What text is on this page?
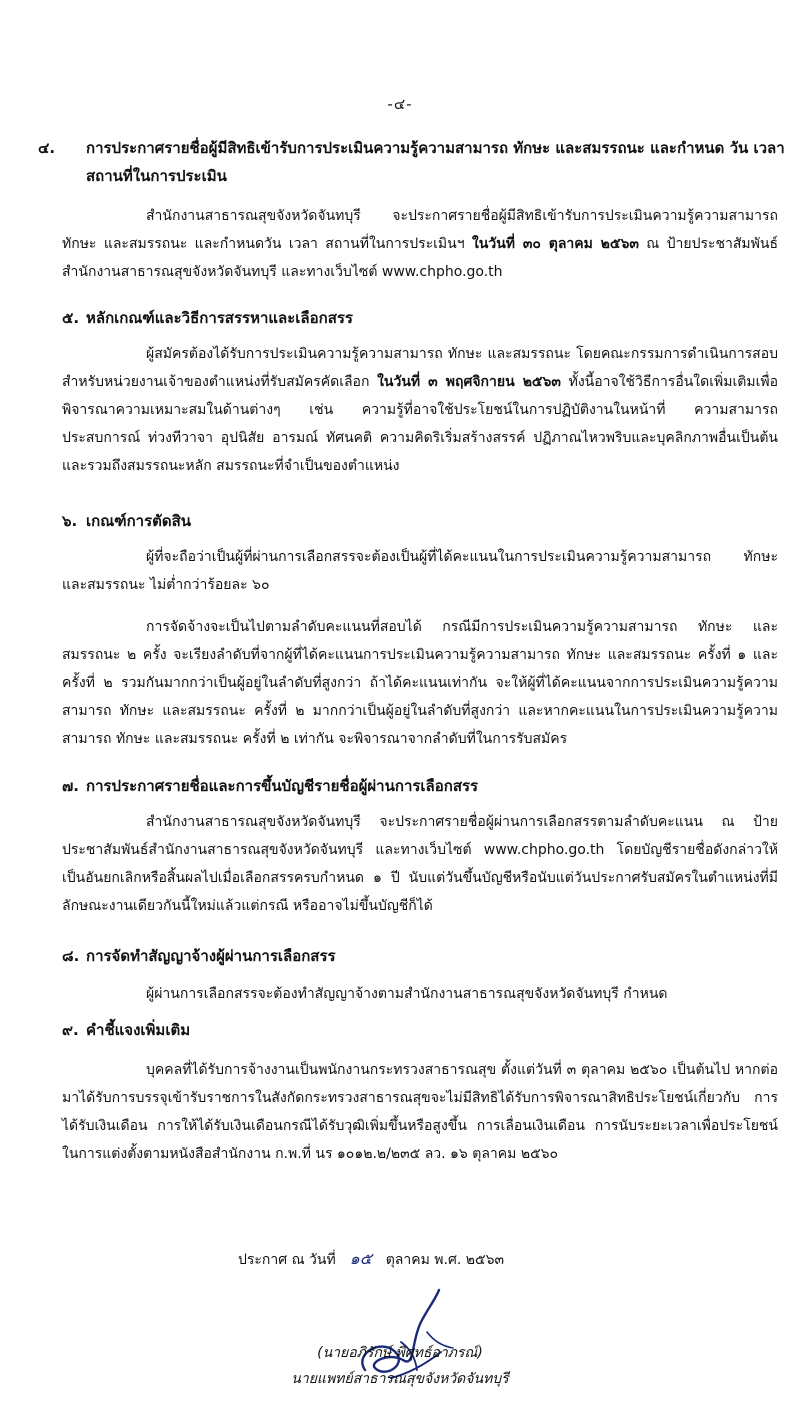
-๔-
๔. การประกาศรายชื่อผู้มีสิทธิเข้ารับการประเมินความรู้ความสามารถ ทักษะ และสมรรถนะ และกำหนด วัน เวลา สถานที่ในการประเมิน
สำนักงานสาธารณสุขจังหวัดจันทบุรี จะประกาศรายชื่อผู้มีสิทธิเข้ารับการประเมินความรู้ความสามารถ ทักษะ และสมรรถนะ และกำหนดวัน เวลา สถานที่ในการประเมินฯ ในวันที่ ๓๐ ตุลาคม ๒๕๖๓ ณ ป้ายประชาสัมพันธ์สำนักงานสาธารณสุขจังหวัดจันทบุรี และทางเว็บไซต์ www.chpho.go.th
๕. หลักเกณฑ์และวิธีการสรรหาและเลือกสรร
ผู้สมัครต้องได้รับการประเมินความรู้ความสามารถ ทักษะ และสมรรถนะ โดยคณะกรรมการดำเนินการสอบสำหรับหน่วยงานเจ้าของตำแหน่งที่รับสมัครคัดเลือก ในวันที่ ๓ พฤศจิกายน ๒๕๖๓ ทั้งนี้อาจใช้วิธีการอื่นใดเพิ่มเติมเพื่อพิจารณาความเหมาะสมในด้านต่างๆ เช่น ความรู้ที่อาจใช้ประโยชน์ในการปฏิบัติงานในหน้าที่ ความสามารถ ประสบการณ์ ท่วงทีวาจา อุปนิสัย อารมณ์ ทัศนคติ ความคิดริเริ่มสร้างสรรค์ ปฏิภาณไหวพริบและบุคลิกภาพอื่นเป็นต้น และรวมถึงสมรรถนะหลัก สมรรถนะที่จำเป็นของตำแหน่ง
๖. เกณฑ์การตัดสิน
ผู้ที่จะถือว่าเป็นผู้ที่ผ่านการเลือกสรรจะต้องเป็นผู้ที่ได้คะแนนในการประเมินความรู้ความสามารถ ทักษะ และสมรรถนะ ไม่ต่ำกว่าร้อยละ ๖๐
การจัดจ้างจะเป็นไปตามลำดับคะแนนที่สอบได้ กรณีมีการประเมินความรู้ความสามารถ ทักษะ และสมรรถนะ ๒ ครั้ง จะเรียงลำดับที่จากผู้ที่ได้คะแนนการประเมินความรู้ความสามารถ ทักษะ และสมรรถนะ ครั้งที่ ๑ และครั้งที่ ๒ รวมกันมากกว่าเป็นผู้อยู่ในลำดับที่สูงกว่า ถ้าได้คะแนนเท่ากัน จะให้ผู้ที่ได้คะแนนจากการประเมินความรู้ความสามารถ ทักษะ และสมรรถนะ ครั้งที่ ๒ มากกว่าเป็นผู้อยู่ในลำดับที่สูงกว่า และหากคะแนนในการประเมินความรู้ความสามารถ ทักษะ และสมรรถนะ ครั้งที่ ๒ เท่ากัน จะพิจารณาจากลำดับที่ในการรับสมัคร
๗. การประกาศรายชื่อและการขึ้นบัญชีรายชื่อผู้ผ่านการเลือกสรร
สำนักงานสาธารณสุขจังหวัดจันทบุรี จะประกาศรายชื่อผู้ผ่านการเลือกสรรตามลำดับคะแนน ณ ป้ายประชาสัมพันธ์สำนักงานสาธารณสุขจังหวัดจันทบุรี และทางเว็บไซต์ www.chpho.go.th โดยบัญชีรายชื่อดังกล่าวให้เป็นอันยกเลิกหรือสิ้นผลไปเมื่อเลือกสรรครบกำหนด ๑ ปี นับแต่วันขึ้นบัญชีหรือนับแต่วันประกาศรับสมัครในตำแหน่งที่มีลักษณะงานเดียวกันนี้ใหม่แล้วแต่กรณี หรืออาจไม่ขึ้นบัญชีก็ได้
๘. การจัดทำสัญญาจ้างผู้ผ่านการเลือกสรร
ผู้ผ่านการเลือกสรรจะต้องทำสัญญาจ้างตามสำนักงานสาธารณสุขจังหวัดจันทบุรี กำหนด
๙. คำชี้แจงเพิ่มเติม
บุคคลที่ได้รับการจ้างงานเป็นพนักงานกระทรวงสาธารณสุข ตั้งแต่วันที่ ๓ ตุลาคม ๒๕๖๐ เป็นต้นไป หากต่อมาได้รับการบรรจุเข้ารับราชการในสังกัดกระทรวงสาธารณสุขจะไม่มีสิทธิได้รับการพิจารณาสิทธิประโยชน์เกี่ยวกับ การได้รับเงินเดือน การให้ได้รับเงินเดือนกรณีได้รับวุฒิเพิ่มขึ้นหรือสูงขึ้น การเลื่อนเงินเดือน การนับระยะเวลาเพื่อประโยชน์ในการแต่งตั้งตามหนังสือสำนักงาน ก.พ.ที่ นร ๑๐๑๒.๒/๒๓๕ ลว. ๑๖ ตุลาคม ๒๕๖๐
ประกาศ ณ วันที่ ๑๕ ตุลาคม พ.ศ. ๒๕๖๓
(นายอภิรักษ์ พิศุทธ์อาภรณ์)
นายแพทย์สาธารณสุขจังหวัดจันทบุรี
